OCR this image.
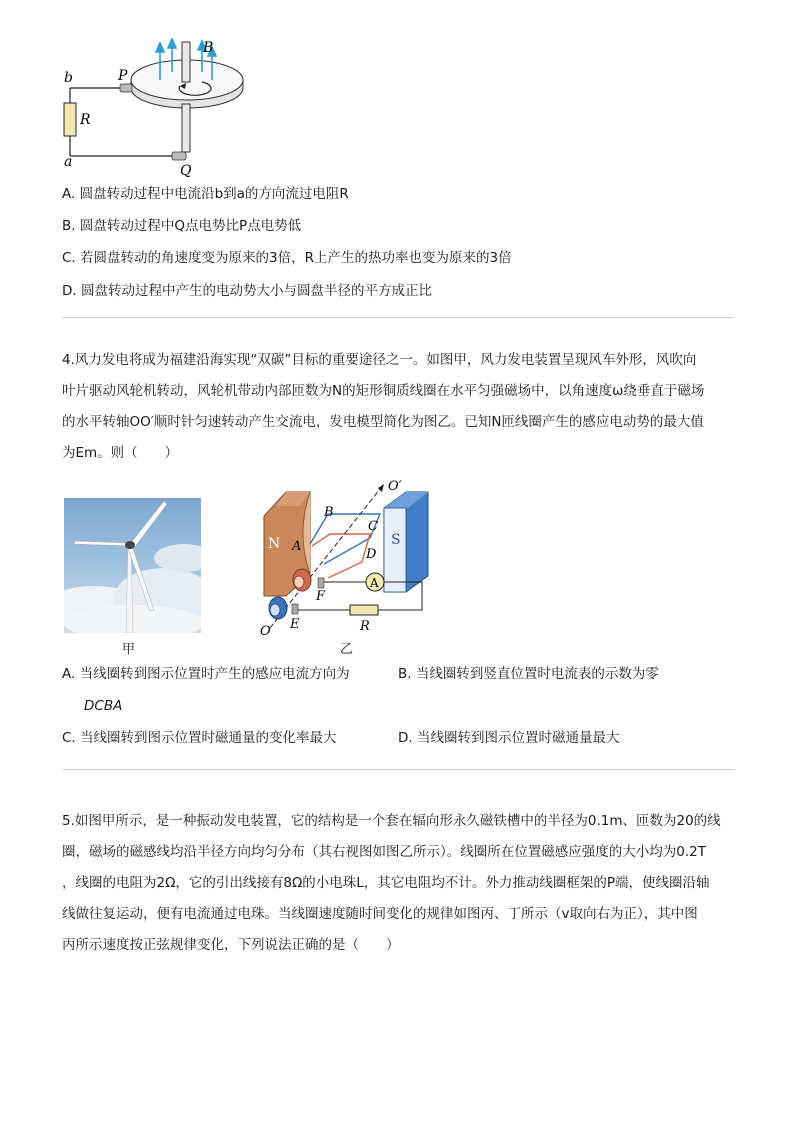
b
a
R
P
Q
B
A. 圆盘转动过程中电流沿b到a的方向流过电阻R
B. 圆盘转动过程中Q点电势比P点电势低
C. 若圆盘转动的角速度变为原来的3倍，R上产生的热功率也变为原来的3倍
D. 圆盘转动过程中产生的电动势大小与圆盘半径的平方成正比
4.风力发电将成为福建沿海实现“双碳”目标的重要途径之一。如图甲，风力发电装置呈现风车外形，风吹向
叶片驱动风轮机转动，风轮机带动内部匝数为N的矩形铜质线圈在水平匀强磁场中，以角速度ω绕垂直于磁场
的水平转轴OO′顺时针匀速转动产生交流电，发电模型简化为图乙。已知N匝线圈产生的感应电动势的最大值
为Em。则（　　）
甲
N	S
A
A
B
C
D
F
E	R
O
O′
乙
A. 当线圈转到图示位置时产生的感应电流方向为
DCBA
B. 当线圈转到竖直位置时电流表的示数为零
C. 当线圈转到图示位置时磁通量的变化率最大	D. 当线圈转到图示位置时磁通量最大
5.如图甲所示，是一种振动发电装置，它的结构是一个套在辐向形永久磁铁槽中的半径为0.1m、匝数为20的线
圈，磁场的磁感线均沿半径方向均匀分布（其右视图如图乙所示）。线圈所在位置磁感应强度的大小均为0.2T
，线圈的电阻为2Ω，它的引出线接有8Ω的小电珠L，其它电阻均不计。外力推动线圈框架的P端，使线圈沿轴
线做往复运动，便有电流通过电珠。当线圈速度随时间变化的规律如图丙、丁所示（v取向右为正），其中图
丙所示速度按正弦规律变化，下列说法正确的是（　　）
